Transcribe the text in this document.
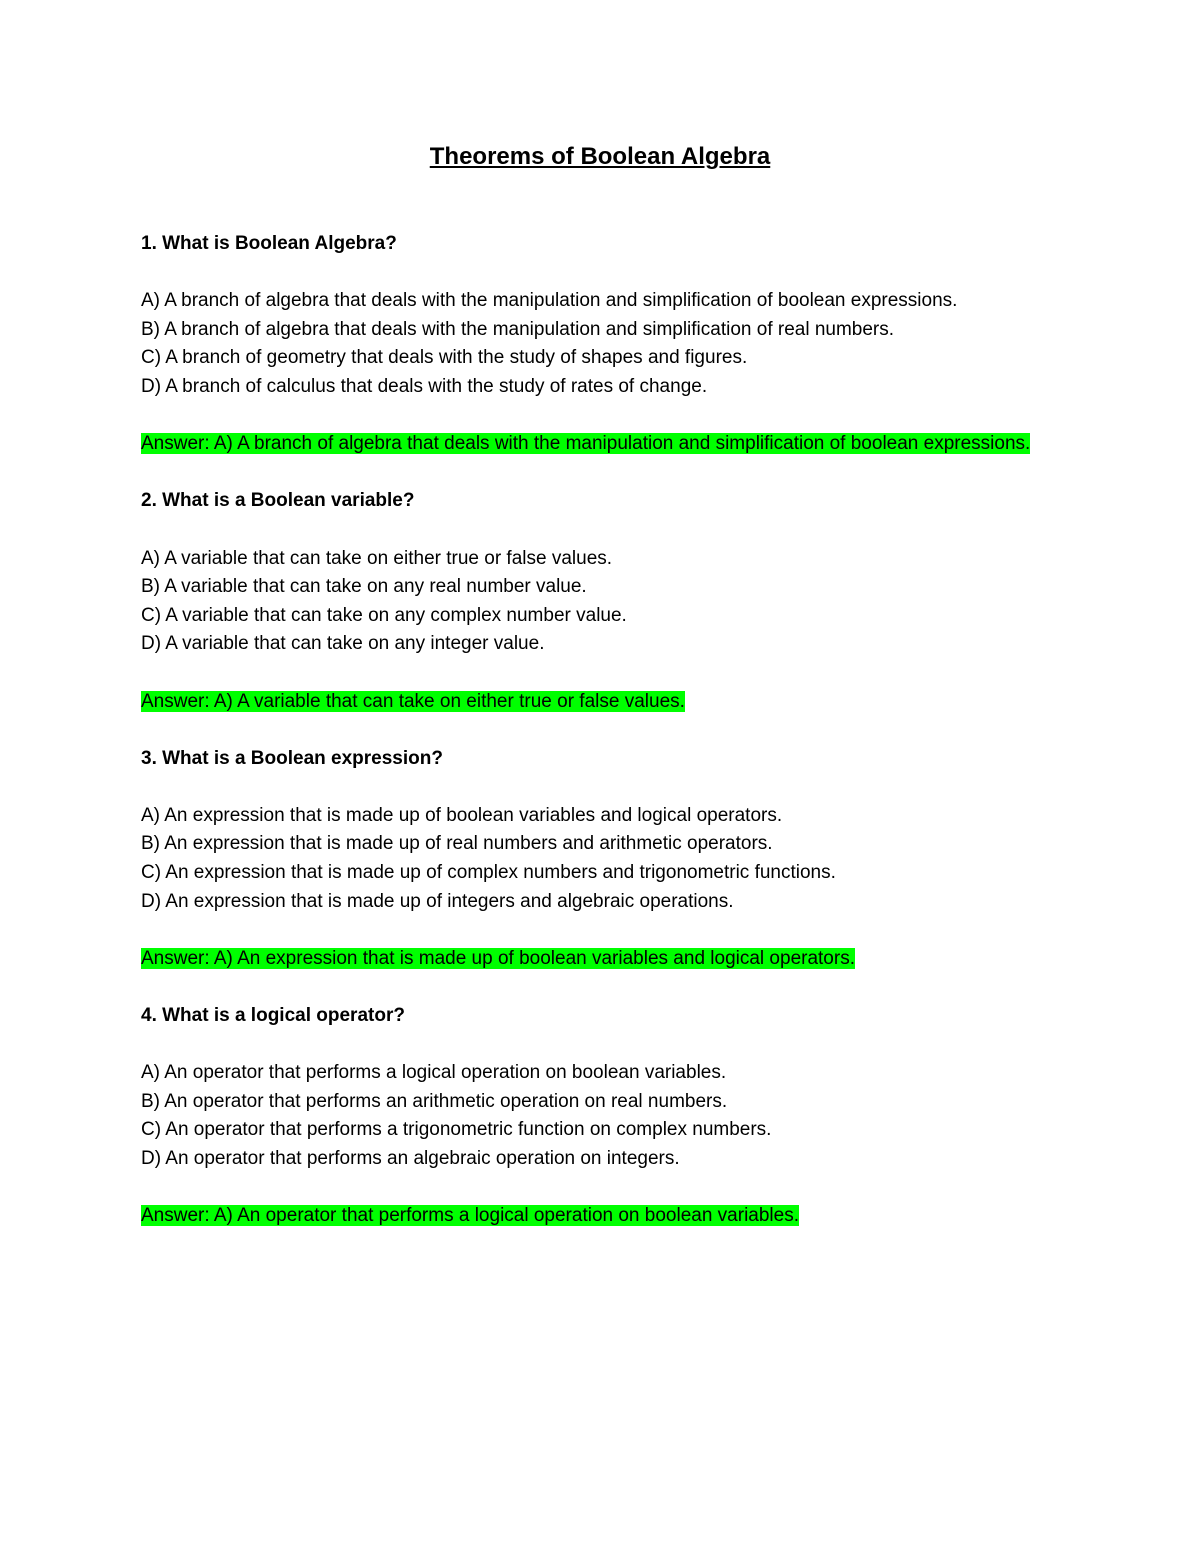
Theorems of Boolean Algebra

1. What is Boolean Algebra?

A) A branch of algebra that deals with the manipulation and simplification of boolean expressions.

B) A branch of algebra that deals with the manipulation and simplification of real numbers.

C) A branch of geometry that deals with the study of shapes and figures.

D) A branch of calculus that deals with the study of rates of change.

Answer: A) A branch of algebra that deals with the manipulation and simplification of boolean expressions.

2. What is a Boolean variable?

A) A variable that can take on either true or false values.

B) A variable that can take on any real number value.

C) A variable that can take on any complex number value.

D) A variable that can take on any integer value.

Answer: A) A variable that can take on either true or false values.

3. What is a Boolean expression?

A) An expression that is made up of boolean variables and logical operators.

B) An expression that is made up of real numbers and arithmetic operators.

C) An expression that is made up of complex numbers and trigonometric functions.

D) An expression that is made up of integers and algebraic operations.

Answer: A) An expression that is made up of boolean variables and logical operators.

4. What is a logical operator?

A) An operator that performs a logical operation on boolean variables.

B) An operator that performs an arithmetic operation on real numbers.

C) An operator that performs a trigonometric function on complex numbers.

D) An operator that performs an algebraic operation on integers.

Answer: A) An operator that performs a logical operation on boolean variables.
